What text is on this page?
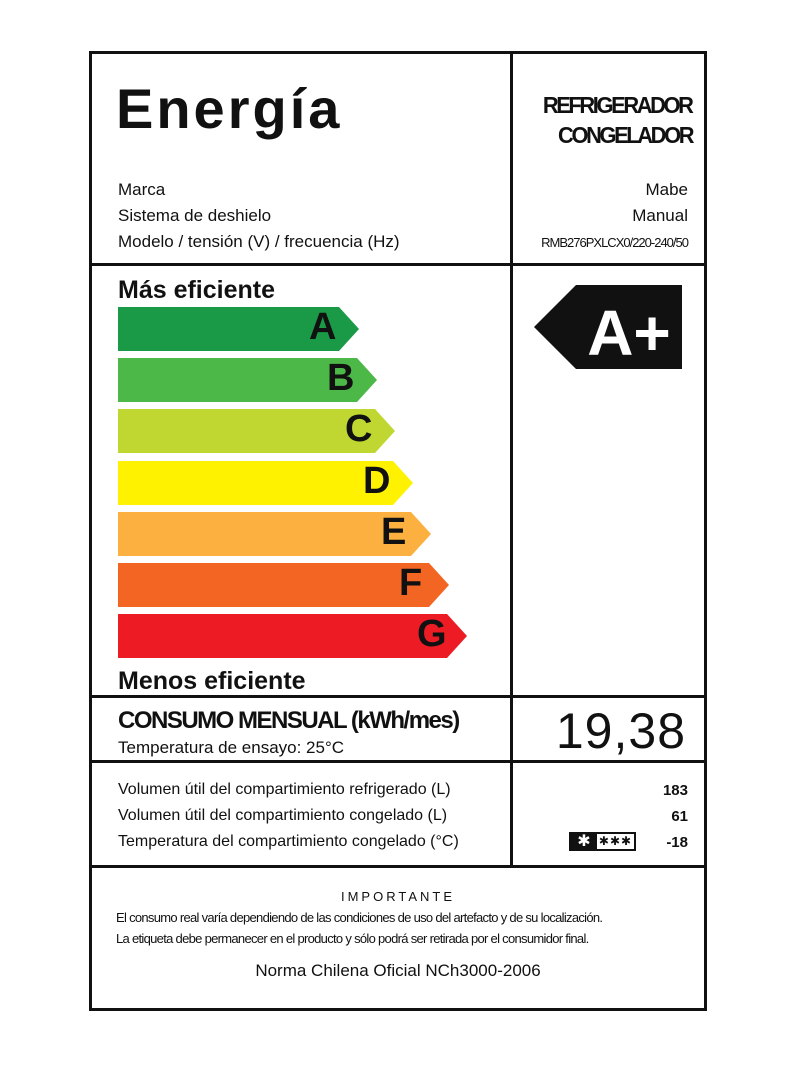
Energía	REFRIGERADOR
CONGELADOR
Marca
Sistema de deshielo
Modelo / tensión (V) / frecuencia (Hz)
Mabe
Manual
RMB276PXLCX0/220-240/50
Más eficiente
A
B
C
D
E
F
G
Menos eficiente
A+
CONSUMO MENSUAL (kWh/mes)
Temperatura de ensayo: 25°C	19,38
Volumen útil del compartimiento refrigerado (L)
Volumen útil del compartimiento congelado (L)
Temperatura del compartimiento congelado (°C)
183
61
-18
✱ ✱✱✱
IMPORTANTE
El consumo real varía dependiendo de las condiciones de uso del artefacto y de su localización.
La etiqueta debe permanecer en el producto y sólo podrá ser retirada por el consumidor final.
Norma Chilena Oficial NCh3000-2006
